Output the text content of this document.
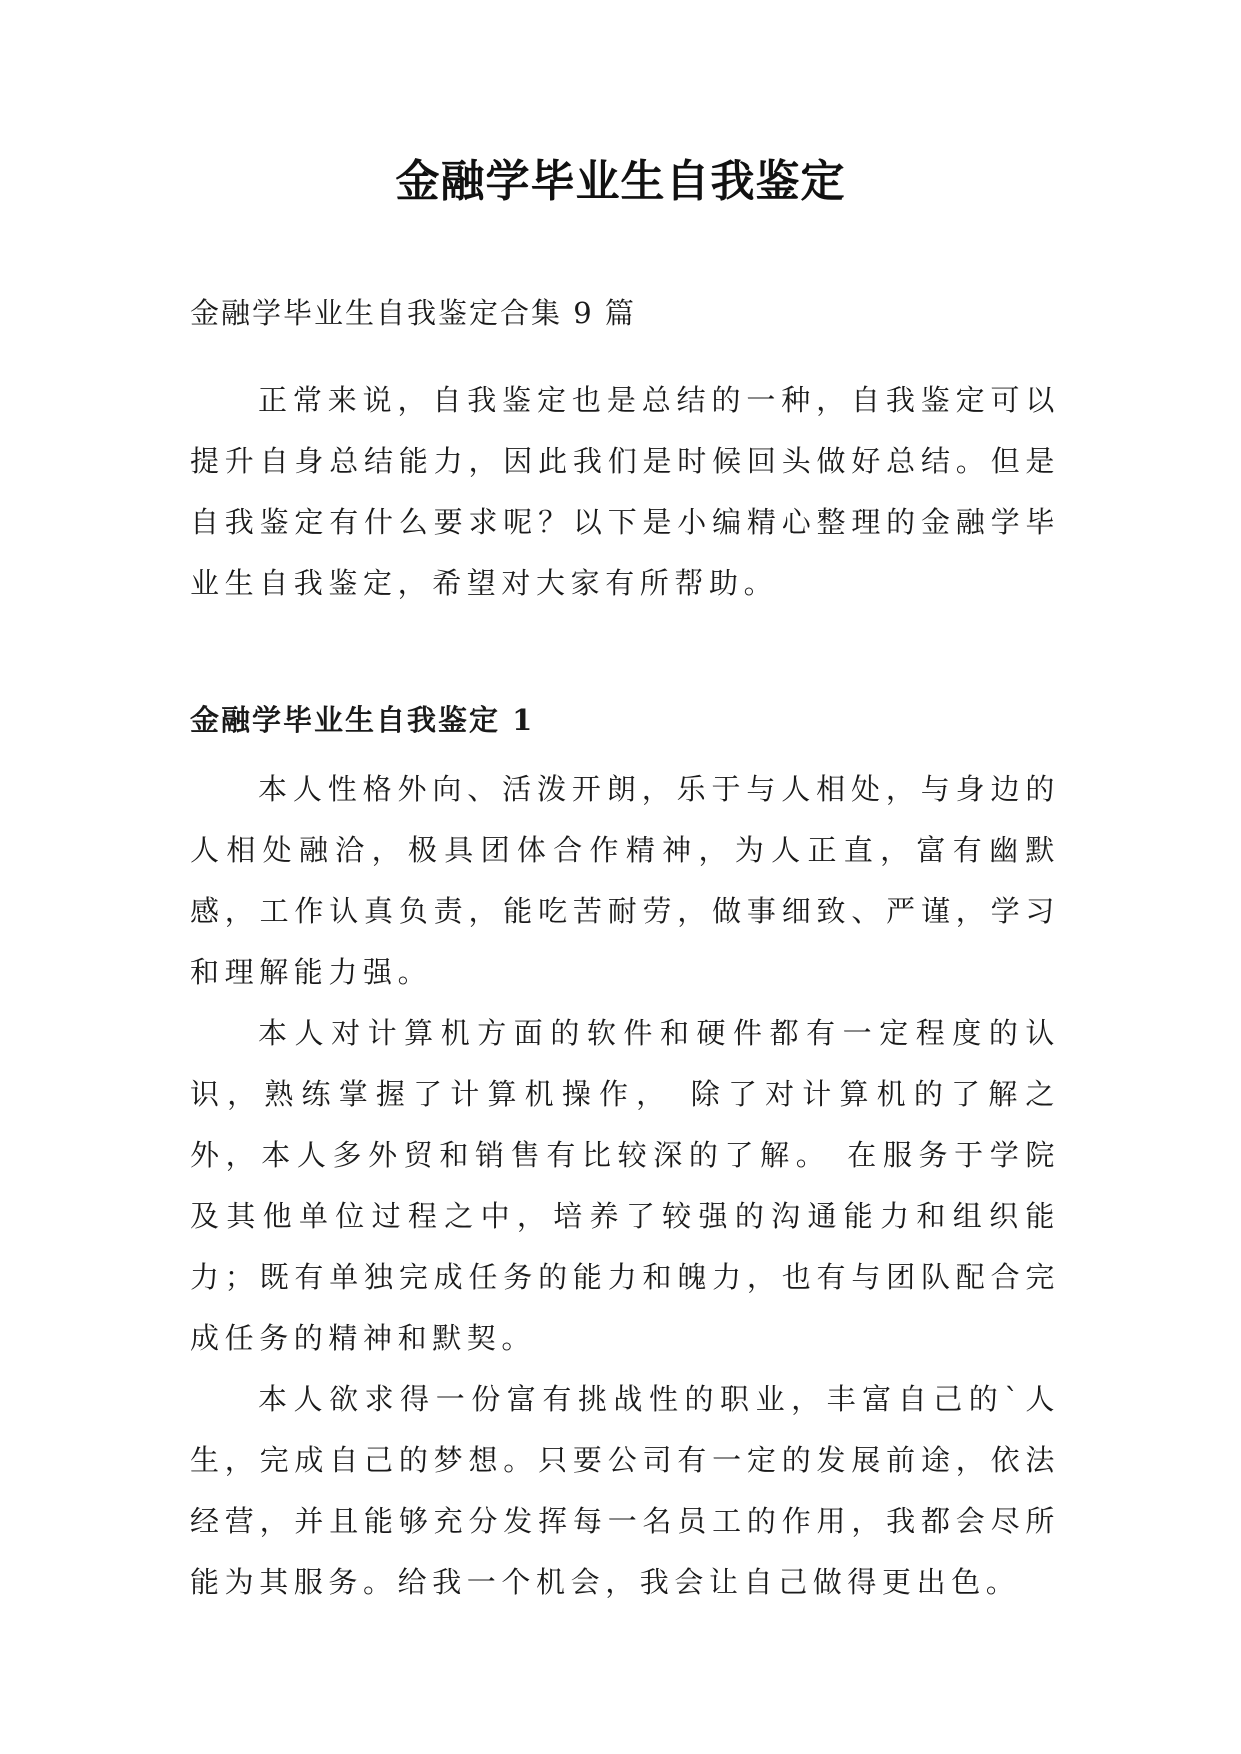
金融学毕业生自我鉴定

金融学毕业生自我鉴定合集 9 篇

正常来说，自我鉴定也是总结的一种，自我鉴定可以提升自身总结能力，因此我们是时候回头做好总结。但是自我鉴定有什么要求呢？以下是小编精心整理的金融学毕业生自我鉴定，希望对大家有所帮助。

金融学毕业生自我鉴定 1

本人性格外向、活泼开朗，乐于与人相处，与身边的人相处融洽，极具团体合作精神，为人正直，富有幽默感，工作认真负责，能吃苦耐劳，做事细致、严谨，学习和理解能力强。

本人对计算机方面的软件和硬件都有一定程度的认识，熟练掌握了计算机操作， 除了对计算机的了解之外，本人多外贸和销售有比较深的了解。 在服务于学院及其他单位过程之中，培养了较强的沟通能力和组织能力；既有单独完成任务的能力和魄力，也有与团队配合完成任务的精神和默契。

本人欲求得一份富有挑战性的职业，丰富自己的`人生，完成自己的梦想。只要公司有一定的发展前途，依法经营，并且能够充分发挥每一名员工的作用，我都会尽所能为其服务。给我一个机会，我会让自己做得更出色。
